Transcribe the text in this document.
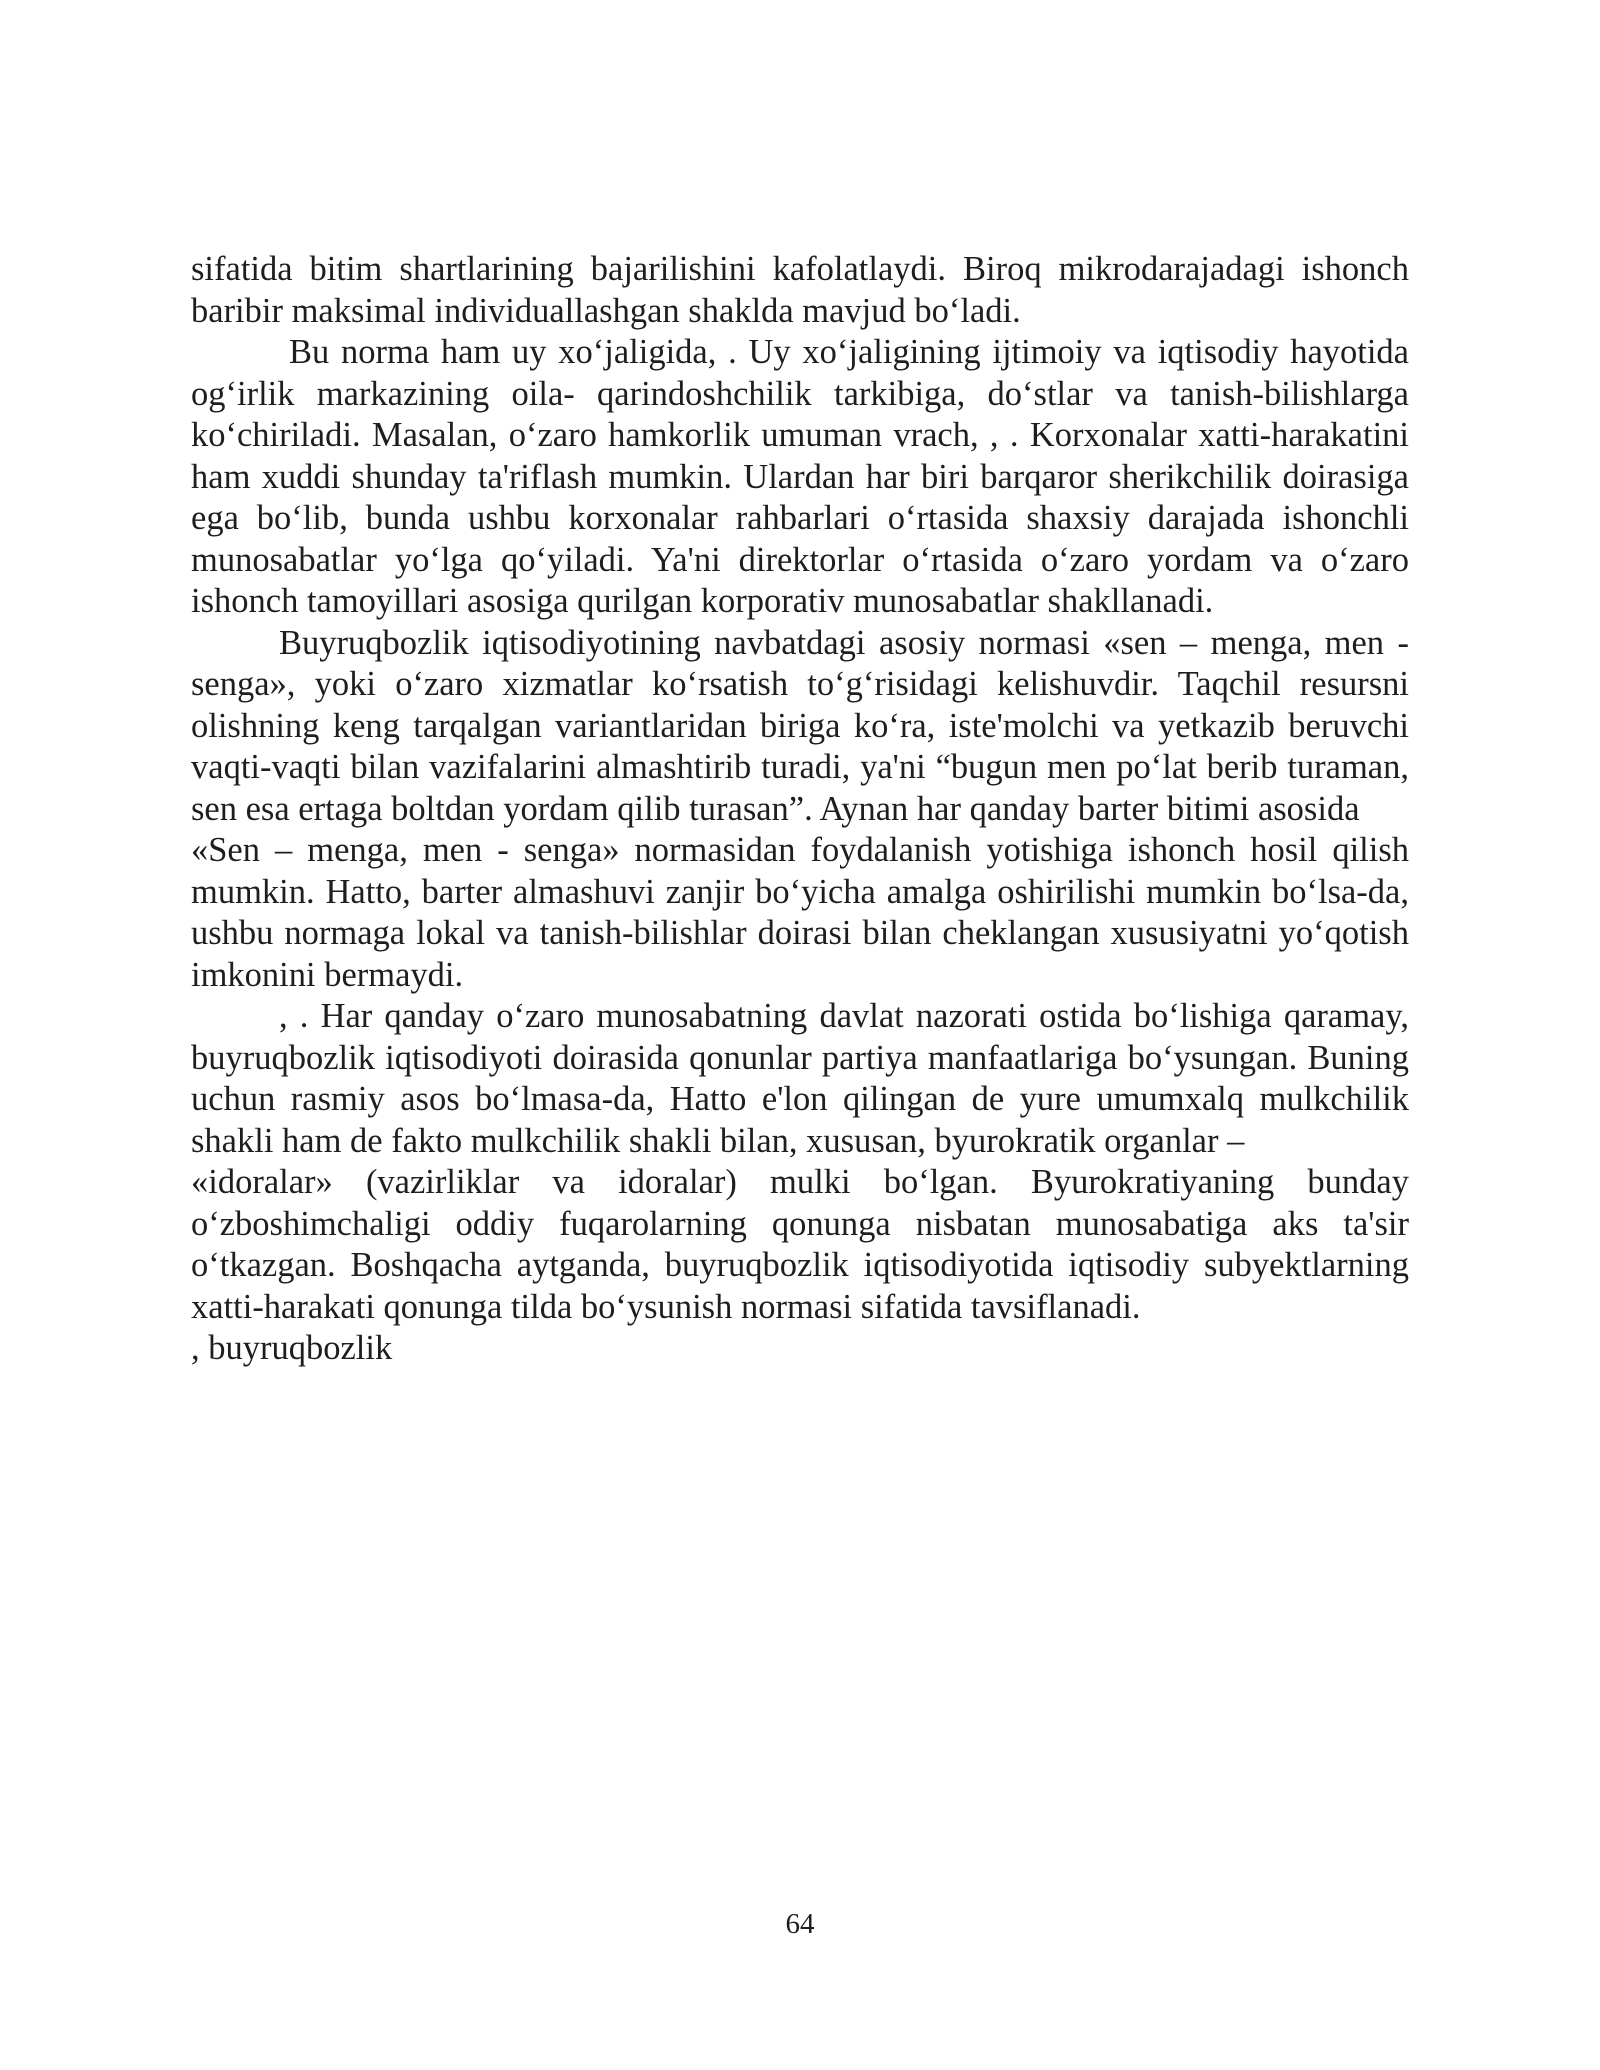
sifatida bitim shartlarining bajarilishini kafolatlaydi. Biroq mikrodarajadagi ishonch baribir maksimal individuallashgan shaklda mavjud bo‘ladi.

Bu norma ham uy xo‘jaligida, . Uy xo‘jaligining ijtimoiy va iqtisodiy hayotida og‘irlik markazining oila- qarindoshchilik tarkibiga, do‘stlar va tanish-bilishlarga ko‘chiriladi. Masalan, o‘zaro hamkorlik umuman vrach, , . Korxonalar xatti-harakatini ham xuddi shunday ta'riflash mumkin. Ulardan har biri barqaror sherikchilik doirasiga ega bo‘lib, bunda ushbu korxonalar rahbarlari o‘rtasida shaxsiy darajada ishonchli munosabatlar yo‘lga qo‘yiladi. Ya'ni direktorlar o‘rtasida o‘zaro yordam va o‘zaro ishonch tamoyillari asosiga qurilgan korporativ munosabatlar shakllanadi.

Buyruqbozlik iqtisodiyotining navbatdagi asosiy normasi «sen – menga, men - senga», yoki o‘zaro xizmatlar ko‘rsatish to‘g‘risidagi kelishuvdir. Taqchil resursni olishning keng tarqalgan variantlaridan biriga ko‘ra, iste'molchi va yetkazib beruvchi vaqti-vaqti bilan vazifalarini almashtirib turadi, ya'ni “bugun men po‘lat berib turaman, sen esa ertaga boltdan yordam qilib turasan”. Aynan har qanday barter bitimi asosida

«Sen – menga, men - senga» normasidan foydalanish yotishiga ishonch hosil qilish mumkin. Hatto, barter almashuvi zanjir bo‘yicha amalga oshirilishi mumkin bo‘lsa-da, ushbu normaga lokal va tanish-bilishlar doirasi bilan cheklangan xususiyatni yo‘qotish imkonini bermaydi.

, . Har qanday o‘zaro munosabatning davlat nazorati ostida bo‘lishiga qaramay, buyruqbozlik iqtisodiyoti doirasida qonunlar partiya manfaatlariga bo‘ysungan. Buning uchun rasmiy asos bo‘lmasa-da, Hatto e'lon qilingan de yure umumxalq mulkchilik shakli ham de fakto mulkchilik shakli bilan, xususan, byurokratik organlar –

«idoralar» (vazirliklar va idoralar) mulki bo‘lgan. Byurokratiyaning bunday o‘zboshimchaligi oddiy fuqarolarning qonunga nisbatan munosabatiga aks ta'sir o‘tkazgan. Boshqacha aytganda, buyruqbozlik iqtisodiyotida iqtisodiy subyektlarning xatti-harakati qonunga tilda bo‘ysunish normasi sifatida tavsiflanadi.

, buyruqbozlik

64
